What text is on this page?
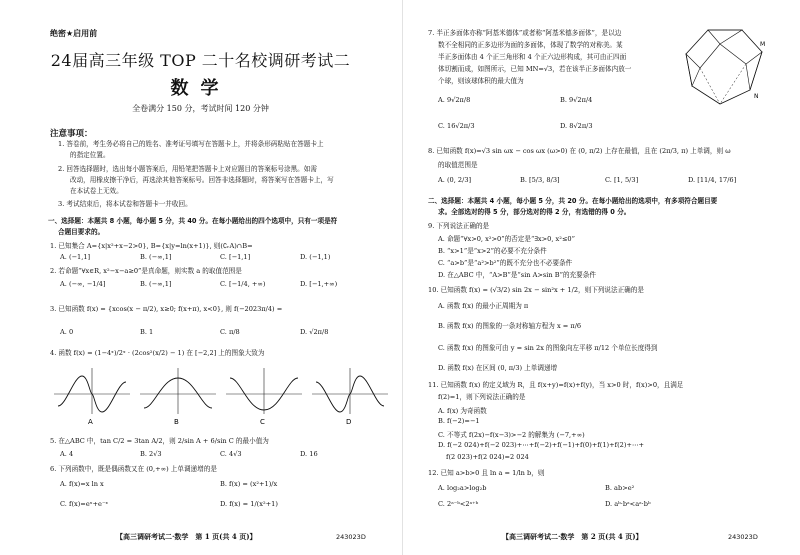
绝密★启用前
24届高三年级 TOP 二十名校调研考试二
数学
全卷满分 150 分，考试时间 120 分钟
注意事项：
1. 答卷前，考生务必将自己的姓名、准考证号填写在答题卡上，并将条形码粘贴在答题卡上
的指定位置。
2. 回答选择题时，选出每小题答案后，用铅笔把答题卡上对应题目的答案标号涂黑。如需
改动，用橡皮擦干净后，再选涂其他答案标号。回答非选择题时，将答案写在答题卡上，写
在本试卷上无效。
3. 考试结束后，将本试卷和答题卡一并收回。
一、选择题：本题共 8 小题，每小题 5 分，共 40 分。在每小题给出的四个选项中，只有一项是符
合题目要求的。
1. 已知集合 A={x|x²+x−2>0}, B={x|y=ln(x+1)}, 则(∁ᵣA)∩B=
A. (−1,1]	B. (−∞,1]	C. [−1,1]	D. (−1,1)
2. 若命题“∀x∈R, x²−x−a≥0”是真命题，则实数 a 的取值范围是
A. (−∞, −1/4]	B. (−∞,1]	C. [−1/4, +∞)	D. [−1,+∞)
3. 已知函数 f(x) = {xcos(x − π/2), x≥0; f(x+π), x<0}, 则 f(−2023π/4) =
A. 0	B. 1	C. π/8	D. √2π/8
4. 函数 f(x) = (1−4ˣ)/2ˣ · (2cos²(x/2) − 1) 在 [−2,2] 上的图象大致为
A	B	C	D
5. 在△ABC 中，tan C/2 = 3tan A/2，则 2/sin A + 6/sin C 的最小值为
A. 4	B. 2√3	C. 4√3	D. 16
6. 下列函数中，既是偶函数又在 (0,+∞) 上单调递增的是
A. f(x)=x ln x	B. f(x) = (x²+1)/x
C. f(x)=eˣ+e⁻ˣ	D. f(x) = 1/(x²+1)
【高三调研考试二·数学　第 1 页(共 4 页)】	243023D
7. 半正多面体亦称“阿基米德体”或者称“阿基米德多面体”，是以边
数不全相同的正多边形为面的多面体，体现了数学的对称美。某
半正多面体由 4 个正三角形和 4 个正六边形构成，其可由正四面
体切割而成，如图所示，已知 MN=√3，若在该半正多面体内放一
个球，则该球体积的最大值为
M
N
A. 9√2π/8	B. 9√2π/4
C. 16√2π/3	D. 8√2π/3
8. 已知函数 f(x)=√3 sin ωx − cos ωx (ω>0) 在 (0, π/2) 上存在最值，且在 (2π/3, π) 上单调，则 ω
的取值范围是
A. (0, 2/3]	B. [5/3, 8/3]	C. [1, 5/3]	D. [11/4, 17/6]
二、选择题：本题共 4 小题，每小题 5 分，共 20 分。在每小题给出的选项中，有多项符合题目要
求。全部选对的得 5 分，部分选对的得 2 分，有选错的得 0 分。
9. 下列说法正确的是
A. 命题“∀x>0, x²>0”的否定是“∃x>0, x²≤0”
B. “x>1”是“x>2”的必要不充分条件
C. “a>b”是“a²>b²”的既不充分也不必要条件
D. 在△ABC 中，“A>B”是“sin A>sin B”的充要条件
10. 已知函数 f(x) = (√3/2) sin 2x − sin²x + 1/2，则下列说法正确的是
A. 函数 f(x) 的最小正周期为 π
B. 函数 f(x) 的图象的一条对称轴方程为 x = π/6
C. 函数 f(x) 的图象可由 y = sin 2x 的图象向左平移 π/12 个单位长度得到
D. 函数 f(x) 在区间 (0, π/3) 上单调递增
11. 已知函数 f(x) 的定义域为 R，且 f(x+y)=f(x)+f(y)，当 x>0 时，f(x)>0，且满足
f(2)=1，则下列说法正确的是
A. f(x) 为奇函数
B. f(−2)=−1
C. 不等式 f(2x)−f(x−3)>−2 的解集为 (−7,+∞)
D. f(−2 024)+f(−2 023)+⋯+f(−2)+f(−1)+f(0)+f(1)+f(2)+⋯+
f(2 023)+f(2 024)=2 024
12. 已知 a>b>0 且 ln a = 1/ln b，则
A. log₂a>log₂b	B. ab>e²
C. 2ᵃ⁻ᵇ<2ᵃ⁺ᵇ	D. aᵇ·bᵃ<aᵃ·bᵇ
【高三调研考试二·数学　第 2 页(共 4 页)】	243023D
